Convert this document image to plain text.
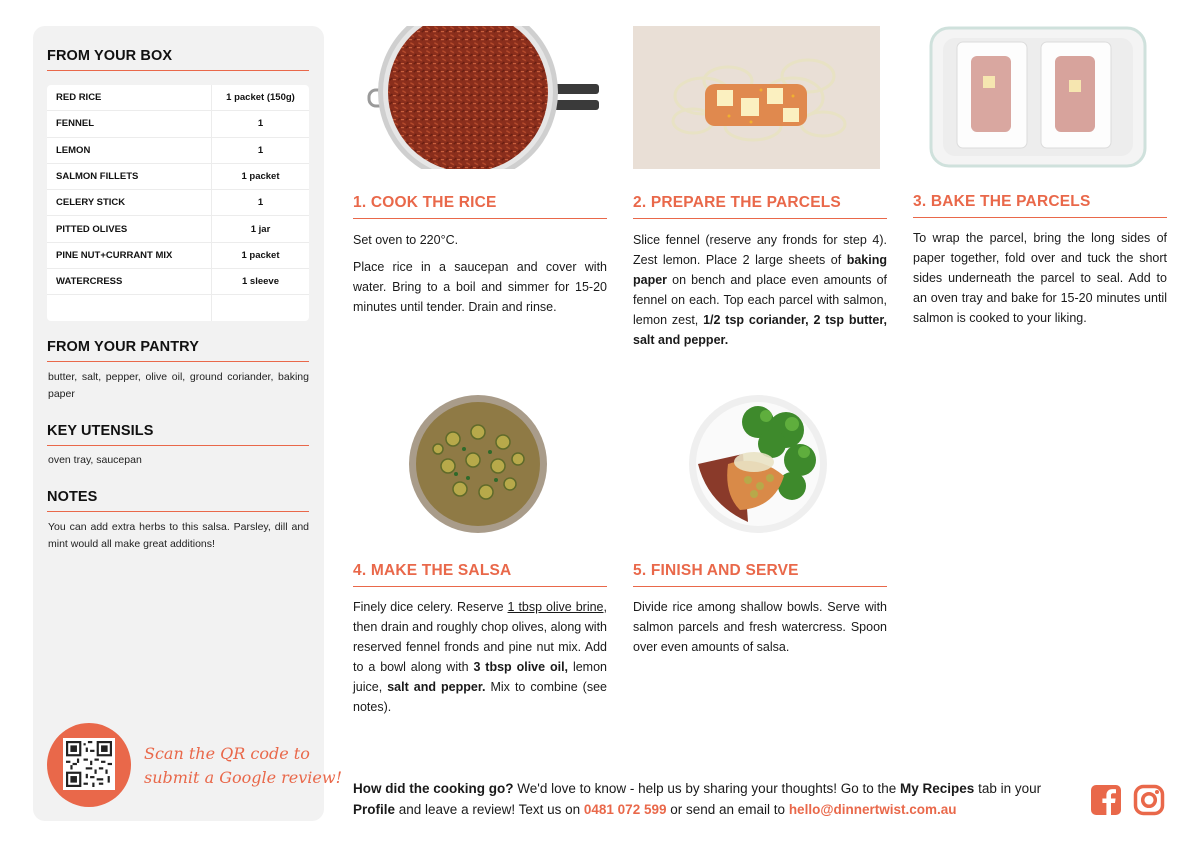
FROM YOUR BOX
RED RICE	1 packet (150g)
FENNEL	1
LEMON	1
SALMON FILLETS	1 packet
CELERY STICK	1
PITTED OLIVES	1 jar
PINE NUT+CURRANT MIX	1 packet
WATERCRESS	1 sleeve
FROM YOUR PANTRY
butter, salt, pepper, olive oil, ground coriander, baking paper
KEY UTENSILS
oven tray, saucepan
NOTES
You can add extra herbs to this salsa. Parsley, dill and mint would all make great additions!
Scan the QR code to
submit a Google review!
1. COOK THE RICE

Set oven to 220°C.

Place rice in a saucepan and cover with water. Bring to a boil and simmer for 15-20 minutes until tender. Drain and rinse.

2. PREPARE THE PARCELS

Slice fennel (reserve any fronds for step 4). Zest lemon. Place 2 large sheets of baking paper on bench and place even amounts of fennel on each. Top each parcel with salmon, lemon zest, 1/2 tsp coriander, 2 tsp butter, salt and pepper.

3. BAKE THE PARCELS

To wrap the parcel, bring the long sides of paper together, fold over and tuck the short sides underneath the parcel to seal. Add to an oven tray and bake for 15-20 minutes until salmon is cooked to your liking.

4. MAKE THE SALSA

Finely dice celery. Reserve 1 tbsp olive brine, then drain and roughly chop olives, along with reserved fennel fronds and pine nut mix. Add to a bowl along with 3 tbsp olive oil, lemon juice, salt and pepper. Mix to combine (see notes).

5. FINISH AND SERVE

Divide rice among shallow bowls. Serve with salmon parcels and fresh watercress. Spoon over even amounts of salsa.

How did the cooking go? We'd love to know - help us by sharing your thoughts! Go to the My Recipes tab in your Profile and leave a review! Text us on 0481 072 599 or send an email to hello@dinnertwist.com.au
